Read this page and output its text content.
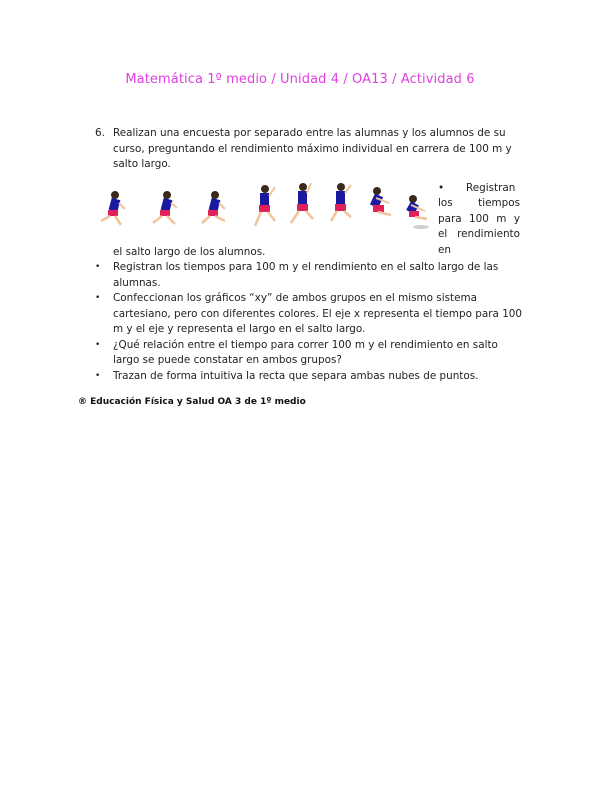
Matemática 1º medio / Unidad 4 / OA13 / Actividad 6
6. Realizan una encuesta por separado entre las alumnas y los alumnos de su curso, preguntando el rendimiento máximo individual en carrera de 100 m y salto largo.
•	Registran los tiempos para 100 m y el rendimiento en
el salto largo de los alumnos.
• Registran los tiempos para 100 m y el rendimiento en el salto largo de las alumnas.
• Confeccionan los gráficos “xy” de ambos grupos en el mismo sistema cartesiano, pero con diferentes colores. El eje x representa el tiempo para 100 m y el eje y representa el largo en el salto largo.
• ¿Qué relación entre el tiempo para correr 100 m y el rendimiento en salto largo se puede constatar en ambos grupos?
• Trazan de forma intuitiva la recta que separa ambas nubes de puntos.
® Educación Física y Salud OA 3 de 1º medio
